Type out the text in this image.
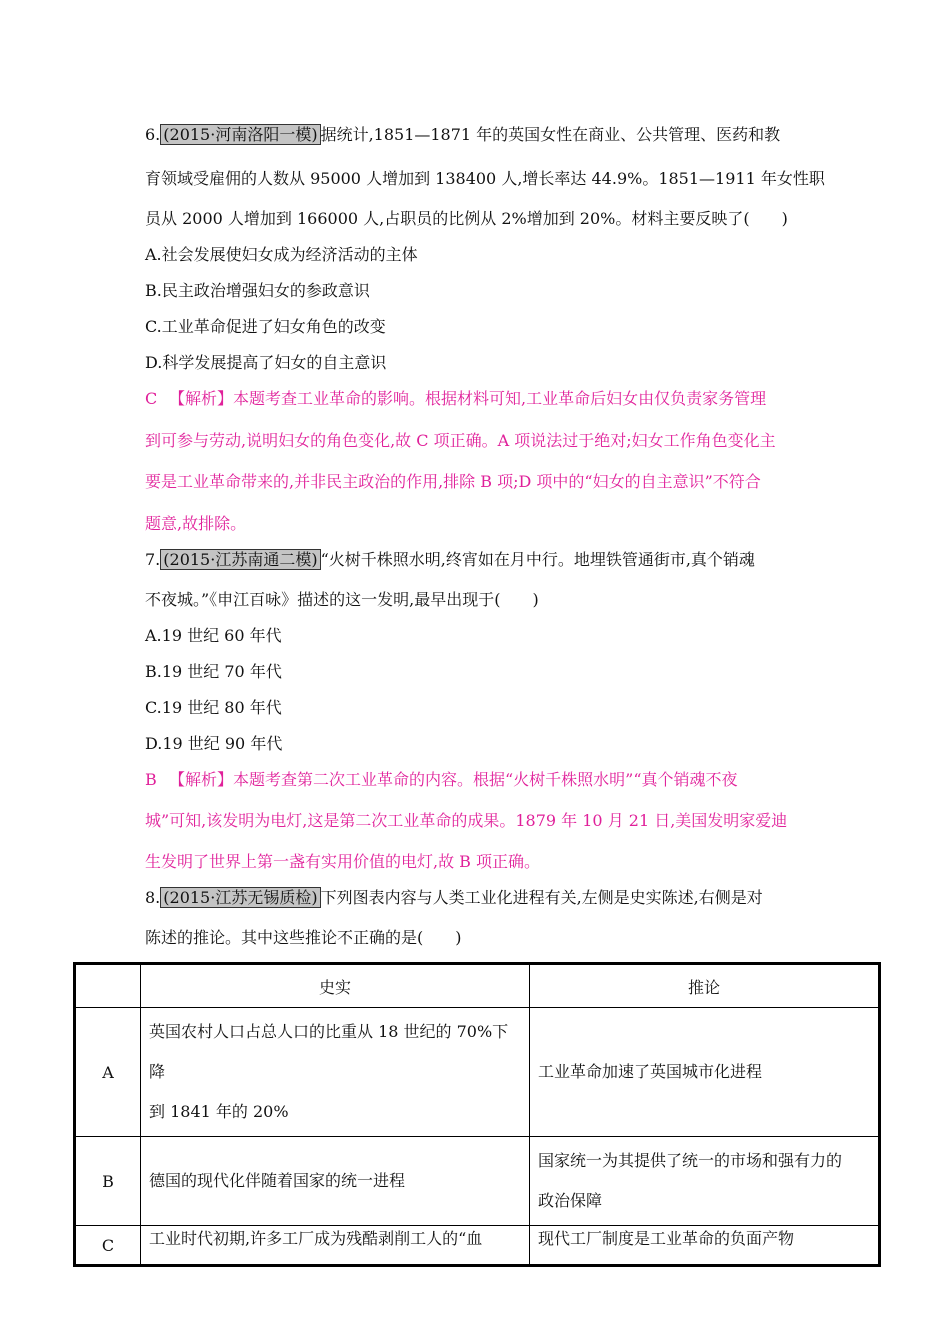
6. (2015·河南洛阳一模) 据统计,1851—1871 年的英国女性在商业、公共管理、医药和教
育领域受雇佣的人数从 95000 人增加到 138400 人,增长率达 44.9%。1851—1911 年女性职
员从 2000 人增加到 166000 人,占职员的比例从 2%增加到 20%。材料主要反映了(　　)
A.社会发展使妇女成为经济活动的主体
B.民主政治增强妇女的参政意识
C.工业革命促进了妇女角色的改变
D.科学发展提高了妇女的自主意识
C 【解析】本题考查工业革命的影响。根据材料可知,工业革命后妇女由仅负责家务管理
到可参与劳动,说明妇女的角色变化,故 C 项正确。A 项说法过于绝对;妇女工作角色变化主
要是工业革命带来的,并非民主政治的作用,排除 B 项;D 项中的“妇女的自主意识”不符合
题意,故排除。
7. (2015·江苏南通二模) “火树千株照水明,终宵如在月中行。地埋铁管通街市,真个销魂
不夜城。”《申江百咏》描述的这一发明,最早出现于(　　)
A.19 世纪 60 年代
B.19 世纪 70 年代
C.19 世纪 80 年代
D.19 世纪 90 年代
B 【解析】本题考查第二次工业革命的内容。根据“火树千株照水明”“真个销魂不夜
城”可知,该发明为电灯,这是第二次工业革命的成果。1879 年 10 月 21 日,美国发明家爱迪
生发明了世界上第一盏有实用价值的电灯,故 B 项正确。
8. (2015·江苏无锡质检) 下列图表内容与人类工业化进程有关,左侧是史实陈述,右侧是对
陈述的推论。其中这些推论不正确的是(　　)
	史实	推论
A	英国农村人口占总人口的比重从 18 世纪的 70%下降
到 1841 年的 20%	工业革命加速了英国城市化进程

B	德国的现代化伴随着国家的统一进程	国家统一为其提供了统一的市场和强有力的
政治保障

C	工业时代初期,许多工厂成为残酷剥削工人的“血	现代工厂制度是工业革命的负面产物
